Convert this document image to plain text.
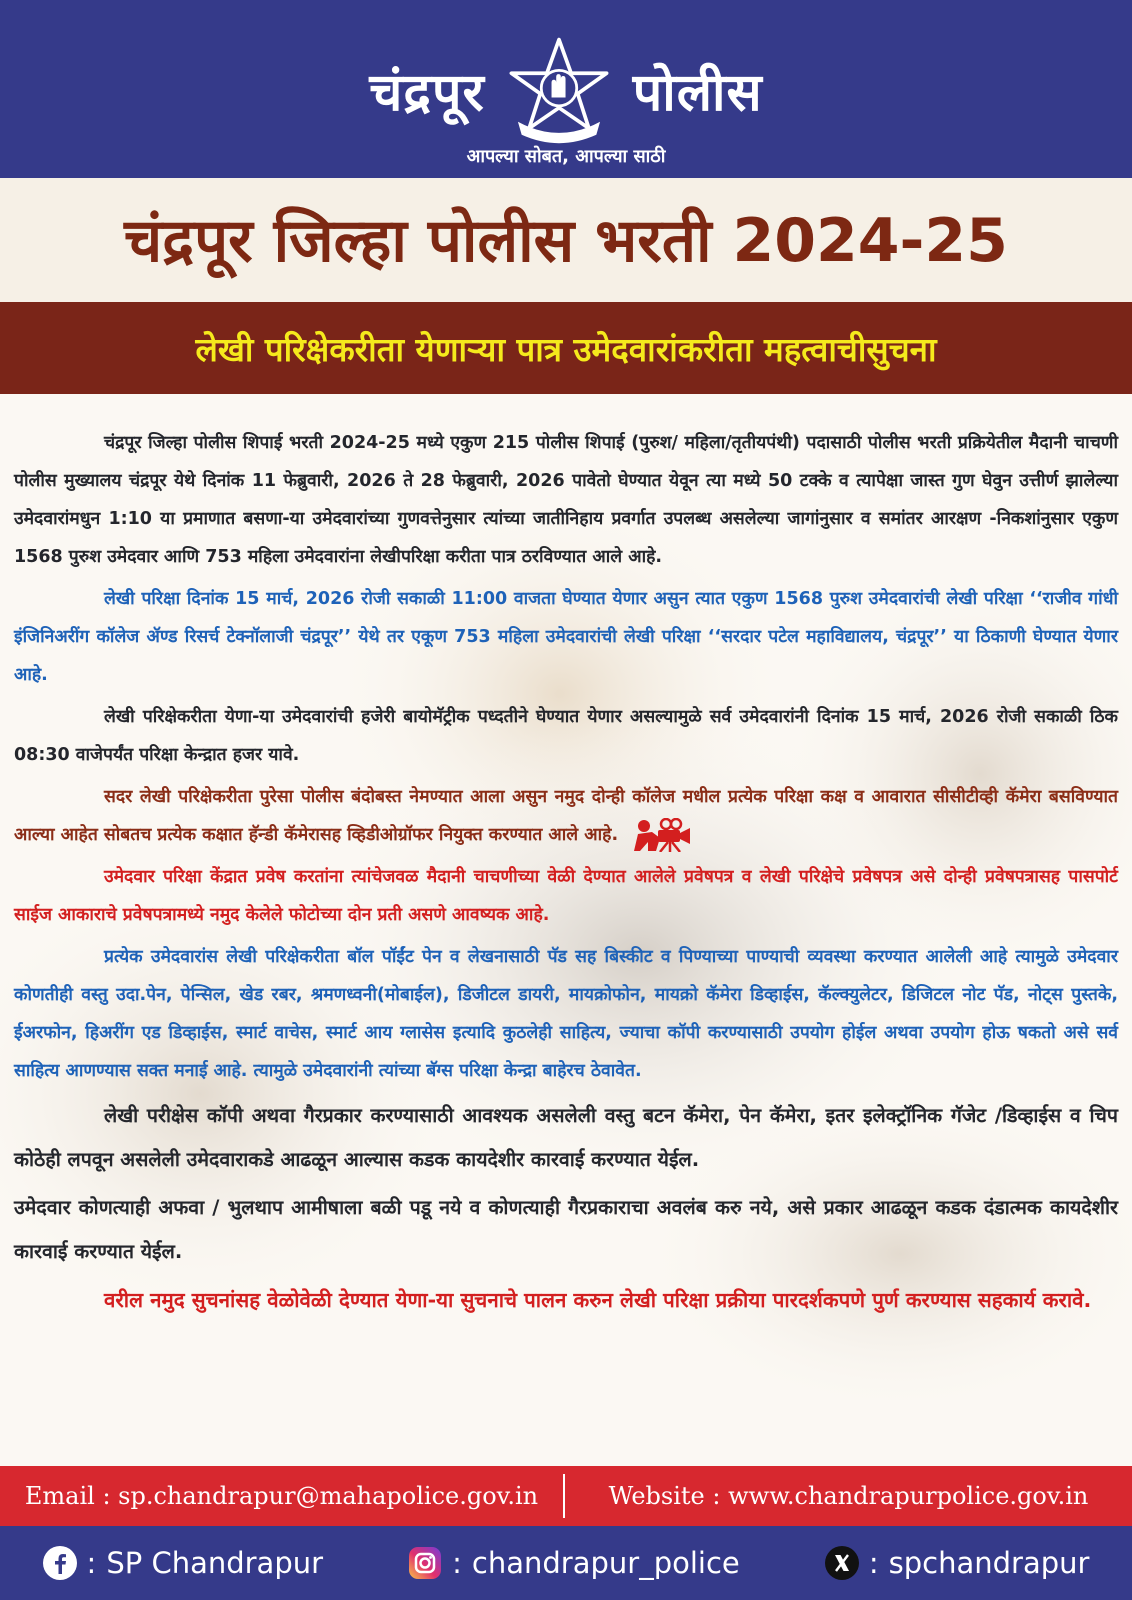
चंद्रपूर	पोलीस
आपल्या सोबत, आपल्या साठी
चंद्रपूर जिल्हा पोलीस भरती 2024-25
लेखी परिक्षेकरीता येणाऱ्या पात्र उमेदवारांकरीता महत्वाचीसुचना

चंद्रपूर जिल्हा पोलीस शिपाई भरती 2024-25 मध्ये एकुण 215 पोलीस शिपाई (पुरुश/ महिला/तृतीयपंथी) पदासाठी पोलीस भरती प्रक्रियेतील मैदानी चाचणी पोलीस मुख्यालय चंद्रपूर येथे दिनांक 11 फेब्रुवारी, 2026 ते 28 फेब्रुवारी, 2026 पावेतो घेण्यात येवून त्या मध्ये 50 टक्के व त्यापेक्षा जास्त गुण घेवुन उत्तीर्ण झालेल्या उमेदवारांमधुन 1:10 या प्रमाणात बसणा-या उमेदवारांच्या गुणवत्तेनुसार त्यांच्या जातीनिहाय प्रवर्गात उपलब्ध असलेल्या जागांनुसार व समांतर आरक्षण -निकशांनुसार एकुण 1568 पुरुश उमेदवार आणि 753 महिला उमेदवारांना लेखीपरिक्षा करीता पात्र ठरविण्यात आले आहे.

लेखी परिक्षा दिनांक 15 मार्च, 2026 रोजी सकाळी 11:00 वाजता घेण्यात येणार असुन त्यात एकुण 1568 पुरुश उमेदवारांची लेखी परिक्षा ‘‘राजीव गांधी इंजिनिअरींग कॉलेज ॲण्ड रिसर्च टेक्नॉलाजी चंद्रपूर’’ येथे तर एकूण 753 महिला उमेदवारांची लेखी परिक्षा ‘‘सरदार पटेल महाविद्यालय, चंद्रपूर’’ या ठिकाणी घेण्यात येणार आहे.

लेखी परिक्षेकरीता येणा-या उमेदवारांची हजेरी बायोमॅट्रीक पध्दतीने घेण्यात येणार असल्यामुळे सर्व उमेदवारांनी दिनांक 15 मार्च, 2026 रोजी सकाळी ठिक 08:30 वाजेपर्यंत परिक्षा केन्द्रात हजर यावे.

सदर लेखी परिक्षेकरीता पुरेसा पोलीस बंदोबस्त नेमण्यात आला असुन नमुद दोन्ही कॉलेज मधील प्रत्येक परिक्षा कक्ष व आवारात सीसीटीव्ही कॅमेरा बसविण्यात आल्या आहेत सोबतच प्रत्येक कक्षात हॅन्डी कॅमेरासह व्हिडीओग्रॉफर नियुक्त करण्यात आले आहे.

उमेदवार परिक्षा केंद्रात प्रवेष करतांना त्यांचेजवळ मैदानी चाचणीच्या वेळी देण्यात आलेले प्रवेषपत्र व लेखी परिक्षेचे प्रवेषपत्र असे दोन्ही प्रवेषपत्रासह पासपोर्ट साईज आकाराचे प्रवेषपत्रामध्ये नमुद केलेले फोटोच्या दोन प्रती असणे आवष्यक आहे.

प्रत्येक उमेदवारांस लेखी परिक्षेकरीता बॉल पॉईंट पेन व लेखनासाठी पॅड सह बिस्कीट व पिण्याच्या पाण्याची व्यवस्था करण्यात आलेली आहे त्यामुळे उमेदवार कोणतीही वस्तु उदा.पेन, पेन्सिल, खेड रबर, श्रमणध्वनी(मोबाईल), डिजीटल डायरी, मायक्रोफोन, मायक्रो कॅमेरा डिव्हाईस, कॅल्क्युलेटर, डिजिटल नोट पॅड, नोट्स पुस्तके, ईअरफोन, हिअरींग एड डिव्हाईस, स्मार्ट वाचेस, स्मार्ट आय ग्लासेस इत्यादि कुठलेही साहित्य, ज्याचा कॉपी करण्यासाठी उपयोग होईल अथवा उपयोग होऊ षकतो असे सर्व साहित्य आणण्यास सक्त मनाई आहे. त्यामुळे उमेदवारांनी त्यांच्या बॅग्स परिक्षा केन्द्रा बाहेरच ठेवावेत.

लेखी परीक्षेस कॉपी अथवा गैरप्रकार करण्यासाठी आवश्यक असलेली वस्तु बटन कॅमेरा, पेन कॅमेरा, इतर इलेक्ट्रॉनिक गॅजेट /डिव्हाईस व चिप कोठेही लपवून असलेली उमेदवाराकडे आढळून आल्यास कडक कायदेशीर कारवाई करण्यात येईल.

उमेदवार कोणत्याही अफवा / भुलथाप आमीषाला बळी पडू नये व कोणत्याही गैरप्रकाराचा अवलंब करु नये, असे प्रकार आढळून कडक दंडात्मक कायदेशीर कारवाई करण्यात येईल.

वरील नमुद सुचनांसह वेळोवेळी देण्यात येणा-या सुचनाचे पालन करुन लेखी परिक्षा प्रक्रीया पारदर्शकपणे पुर्ण करण्यास सहकार्य करावे.

Email : sp.chandrapur@mahapolice.gov.in	Website : www.chandrapurpolice.gov.in
: SP Chandrapur	: chandrapur_police	: spchandrapur
